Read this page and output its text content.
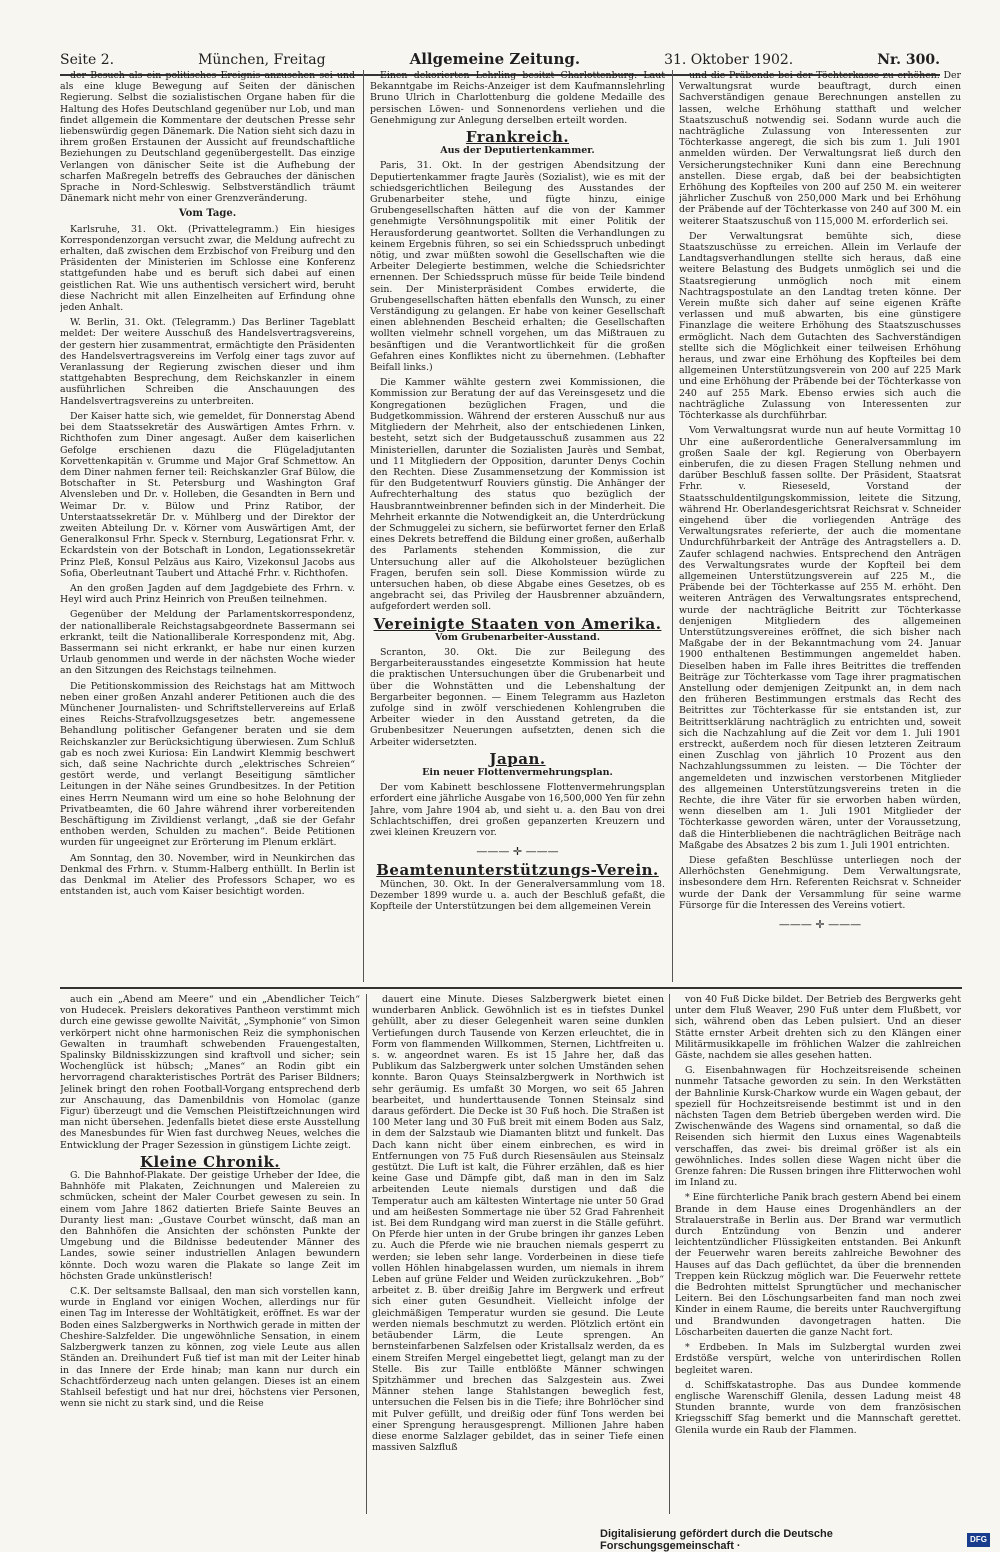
Seite 2.	München, Freitag	Allgemeine Zeitung.	31. Oktober 1902.	Nr. 300.

der Besuch als ein politisches Ereignis anzusehen sei und als eine kluge Bewegung auf Seiten der dänischen Regierung. Selbst die sozialistischen Organe haben für die Haltung des Hofes Deutschland gegenüber nur Lob, und man findet allgemein die Kommentare der deutschen Presse sehr liebenswürdig gegen Dänemark. Die Nation sieht sich dazu in ihrem großen Erstaunen der Aussicht auf freundschaftliche Beziehungen zu Deutschland gegenübergestellt. Das einzige Verlangen von dänischer Seite ist die Aufhebung der scharfen Maßregeln betreffs des Gebrauches der dänischen Sprache in Nord-Schleswig. Selbstverständlich träumt Dänemark nicht mehr von einer Grenzveränderung.

Vom Tage.

Karlsruhe, 31. Okt. (Privattelegramm.) Ein hiesiges Korrespondenzorgan versucht zwar, die Meldung aufrecht zu erhalten, daß zwischen dem Erzbischof von Freiburg und den Präsidenten der Ministerien im Schlosse eine Konferenz stattgefunden habe und es beruft sich dabei auf einen geistlichen Rat. Wie uns authentisch versichert wird, beruht diese Nachricht mit allen Einzelheiten auf Erfindung ohne jeden Anhalt.

W. Berlin, 31. Okt. (Telegramm.) Das Berliner Tageblatt meldet: Der weitere Ausschuß des Handelsvertragsvereins, der gestern hier zusammentrat, ermächtigte den Präsidenten des Handelsvertragsvereins im Verfolg einer tags zuvor auf Veranlassung der Regierung zwischen dieser und ihm stattgehabten Besprechung, dem Reichskanzler in einem ausführlichen Schreiben die Anschauungen des Handelsvertragsvereins zu unterbreiten.

Der Kaiser hatte sich, wie gemeldet, für Donnerstag Abend bei dem Staatssekretär des Auswärtigen Amtes Frhrn. v. Richthofen zum Diner angesagt. Außer dem kaiserlichen Gefolge erschienen dazu die Flügeladjutanten Korvettenkapitän v. Grumme und Major Graf Schmettow. An dem Diner nahmen ferner teil: Reichskanzler Graf Bülow, die Botschafter in St. Petersburg und Washington Graf Alvensleben und Dr. v. Holleben, die Gesandten in Bern und Weimar Dr. v. Bülow und Prinz Ratibor, der Unterstaatssekretär Dr. v. Mühlberg und der Direktor der zweiten Abteilung Dr. v. Körner vom Auswärtigen Amt, der Generalkonsul Frhr. Speck v. Sternburg, Legationsrat Frhr. v. Eckardstein von der Botschaft in London, Legationssekretär Prinz Pleß, Konsul Pelzäus aus Kairo, Vizekonsul Jacobs aus Sofia, Oberleutnant Taubert und Attaché Frhr. v. Richthofen.

An den großen Jagden auf dem Jagdgebiete des Frhrn. v. Heyl wird auch Prinz Heinrich von Preußen teilnehmen.

Gegenüber der Meldung der Parlamentskorrespondenz, der nationalliberale Reichstagsabgeordnete Bassermann sei erkrankt, teilt die Nationalliberale Korrespondenz mit, Abg. Bassermann sei nicht erkrankt, er habe nur einen kurzen Urlaub genommen und werde in der nächsten Woche wieder an den Sitzungen des Reichstags teilnehmen.

Die Petitionskommission des Reichstags hat am Mittwoch neben einer großen Anzahl anderer Petitionen auch die des Münchener Journalisten- und Schriftstellervereins auf Erlaß eines Reichs-Strafvollzugsgesetzes betr. angemessene Behandlung politischer Gefangener beraten und sie dem Reichskanzler zur Berücksichtigung überwiesen. Zum Schluß gab es noch zwei Kuriosa: Ein Landwirt Klemmig beschwert sich, daß seine Nachrichte durch „elektrisches Schreien“ gestört werde, und verlangt Beseitigung sämtlicher Leitungen in der Nähe seines Grundbesitzes. In der Petition eines Herrn Neumann wird um eine so hohe Belohnung der Privatbeamten, die 60 Jahre während ihrer vorbereitenden Beschäftigung im Zivildienst verlangt, „daß sie der Gefahr enthoben werden, Schulden zu machen“. Beide Petitionen wurden für ungeeignet zur Erörterung im Plenum erklärt.

Am Sonntag, den 30. November, wird in Neunkirchen das Denkmal des Frhrn. v. Stumm-Halberg enthüllt. In Berlin ist das Denkmal im Atelier des Professors Schaper, wo es entstanden ist, auch vom Kaiser besichtigt worden.

Einen dekorierten Lehrling besitzt Charlottenburg. Laut Bekanntgabe im Reichs-Anzeiger ist dem Kaufmannslehrling Bruno Ulrich in Charlottenburg die goldene Medaille des persischen Löwen- und Sonnenordens verliehen und die Genehmigung zur Anlegung derselben erteilt worden.

Frankreich.
Aus der Deputiertenkammer.

Paris, 31. Okt. In der gestrigen Abendsitzung der Deputiertenkammer fragte Jaurès (Sozialist), wie es mit der schiedsgerichtlichen Beilegung des Ausstandes der Grubenarbeiter stehe, und fügte hinzu, einige Grubengesellschaften hätten auf die von der Kammer genehmigte Versöhnungspolitik mit einer Politik der Herausforderung geantwortet. Sollten die Verhandlungen zu keinem Ergebnis führen, so sei ein Schiedsspruch unbedingt nötig, und zwar müßten sowohl die Gesellschaften wie die Arbeiter Delegierte bestimmen, welche die Schiedsrichter ernennen. Der Schiedsspruch müsse für beide Teile bindend sein. Der Ministerpräsident Combes erwiderte, die Grubengesellschaften hätten ebenfalls den Wunsch, zu einer Verständigung zu gelangen. Er habe von keiner Gesellschaft einen ablehnenden Bescheid erhalten; die Gesellschaften wollten vielmehr schnell vorgehen, um das Mißtrauen zu besänftigen und die Verantwortlichkeit für die großen Gefahren eines Konfliktes nicht zu übernehmen. (Lebhafter Beifall links.)

Die Kammer wählte gestern zwei Kommissionen, die Kommission zur Beratung der auf das Vereinsgesetz und die Kongregationen bezüglichen Fragen, und die Budgetkommission. Während der ersteren Ausschuß nur aus Mitgliedern der Mehrheit, also der entschiedenen Linken, besteht, setzt sich der Budgetausschuß zusammen aus 22 Ministeriellen, darunter die Sozialisten Jaurès und Sembat, und 11 Mitgliedern der Opposition, darunter Denys Cochin den Rechten. Diese Zusammensetzung der Kommission ist für den Budgetentwurf Rouviers günstig. Die Anhänger der Aufrechterhaltung des status quo bezüglich der Hausbranntweinbrenner befinden sich in der Minderheit. Die Mehrheit erkannte die Notwendigkeit an, die Unterdrückung der Schmuggelei zu sichern, sie befürwortet ferner den Erlaß eines Dekrets betreffend die Bildung einer großen, außerhalb des Parlaments stehenden Kommission, die zur Untersuchung aller auf die Alkoholsteuer bezüglichen Fragen, berufen sein soll. Diese Kommission würde zu untersuchen haben, ob diese Abgabe eines Gesetzes, ob es angebracht sei, das Privileg der Hausbrenner abzuändern, aufgefordert werden soll.

Vereinigte Staaten von Amerika.
Vom Grubenarbeiter-Ausstand.

Scranton, 30. Okt. Die zur Beilegung des Bergarbeiterausstandes eingesetzte Kommission hat heute die praktischen Untersuchungen über die Grubenarbeit und über die Wohnstätten und die Lebenshaltung der Bergarbeiter begonnen. — Einem Telegramm aus Hazleton zufolge sind in zwölf verschiedenen Kohlengruben die Arbeiter wieder in den Ausstand getreten, da die Grubenbesitzer Neuerungen aufsetzten, denen sich die Arbeiter widersetzten.

Japan.
Ein neuer Flottenvermehrungsplan.

Der vom Kabinett beschlossene Flottenvermehrungsplan erfordert eine jährliche Ausgabe von 16,500,000 Yen für zehn Jahre, vom Jahre 1904 ab, und sieht u. a. den Bau von drei Schlachtschiffen, drei großen gepanzerten Kreuzern und zwei kleinen Kreuzern vor.

——— ✛ ———
Beamtenunterstützungs-Verein.

München, 30. Okt. In der Generalversammlung vom 18. Dezember 1899 wurde u. a. auch der Beschluß gefaßt, die Kopfteile der Unterstützungen bei dem allgemeinen Verein

und die Präbende bei der Töchterkasse zu erhöhen. Der Verwaltungsrat wurde beauftragt, durch einen Sachverständigen genaue Berechnungen anstellen zu lassen, welche Erhöhung statthaft und welcher Staatszuschuß notwendig sei. Sodann wurde auch die nachträgliche Zulassung von Interessenten zur Töchterkasse angeregt, die sich bis zum 1. Juli 1901 anmelden würden. Der Verwaltungsrat ließ durch den Versicherungstechniker Kuni dann eine Berechnung anstellen. Diese ergab, daß bei der beabsichtigten Erhöhung des Kopfteiles von 200 auf 250 M. ein weiterer jährlicher Zuschuß von 250,000 Mark und bei Erhöhung der Präbende auf der Töchterkasse von 240 auf 300 M. ein weiterer Staatszuschuß von 115,000 M. erforderlich sei.

Der Verwaltungsrat bemühte sich, diese Staatszuschüsse zu erreichen. Allein im Verlaufe der Landtagsverhandlungen stellte sich heraus, daß eine weitere Belastung des Budgets unmöglich sei und die Staatsregierung unmöglich noch mit einem Nachtragspostulate an den Landtag treten könne. Der Verein mußte sich daher auf seine eigenen Kräfte verlassen und muß abwarten, bis eine günstigere Finanzlage die weitere Erhöhung des Staatszuschusses ermöglicht. Nach dem Gutachten des Sachverständigen stellte sich die Möglichkeit einer teilweisen Erhöhung heraus, und zwar eine Erhöhung des Kopfteiles bei dem allgemeinen Unterstützungsverein von 200 auf 225 Mark und eine Erhöhung der Präbende bei der Töchterkasse von 240 auf 255 Mark. Ebenso erwies sich auch die nachträgliche Zulassung von Interessenten zur Töchterkasse als durchführbar.

Vom Verwaltungsrat wurde nun auf heute Vormittag 10 Uhr eine außerordentliche Generalversammlung im großen Saale der kgl. Regierung von Oberbayern einberufen, die zu diesen Fragen Stellung nehmen und darüber Beschluß fassen sollte. Der Präsident, Staatsrat Frhr. v. Rieseseld, Vorstand der Staatsschuldentilgungskommission, leitete die Sitzung, während Hr. Oberlandesgerichtsrat Reichsrat v. Schneider eingehend über die vorliegenden Anträge des Verwaltungsrates referierte, der auch die momentane Undurchführbarkeit der Anträge des Antragstellers a. D. Zaufer schlagend nachwies. Entsprechend den Anträgen des Verwaltungsrates wurde der Kopfteil bei dem allgemeinen Unterstützungsverein auf 225 M., die Präbende bei der Töchterkasse auf 255 M. erhöht. Den weiteren Anträgen des Verwaltungsrates entsprechend, wurde der nachträgliche Beitritt zur Töchterkasse denjenigen Mitgliedern des allgemeinen Unterstützungsvereines eröffnet, die sich bisher nach Maßgabe der in der Bekanntmachung vom 24. Januar 1900 enthaltenen Bestimmungen angemeldet haben. Dieselben haben im Falle ihres Beitrittes die treffenden Beiträge zur Töchterkasse vom Tage ihrer pragmatischen Anstellung oder demjenigen Zeitpunkt an, in dem nach den früheren Bestimmungen erstmals das Recht des Beitrittes zur Töchterkasse für sie entstanden ist, zur Beitrittserklärung nachträglich zu entrichten und, soweit sich die Nachzahlung auf die Zeit vor dem 1. Juli 1901 erstreckt, außerdem noch für diesen letzteren Zeitraum einen Zuschlag von jährlich 10 Prozent aus den Nachzahlungssummen zu leisten. — Die Töchter der angemeldeten und inzwischen verstorbenen Mitglieder des allgemeinen Unterstützungsvereins treten in die Rechte, die ihre Väter für sie erworben haben würden, wenn dieselben am 1. Juli 1901 Mitglieder der Töchterkasse geworden wären, unter der Voraussetzung, daß die Hinterbliebenen die nachträglichen Beiträge nach Maßgabe des Absatzes 2 bis zum 1. Juli 1901 entrichten.

Diese gefaßten Beschlüsse unterliegen noch der Allerhöchsten Genehmigung. Dem Verwaltungsrate, insbesondere dem Hrn. Referenten Reichsrat v. Schneider wurde der Dank der Versammlung für seine warme Fürsorge für die Interessen des Vereins votiert.

——— ✛ ———

auch ein „Abend am Meere“ und ein „Abendlicher Teich“ von Hudecek. Preislers dekoratives Pantheon verstimmt mich durch eine gewisse gewollte Naivität, „Symphonie“ von Simon verkörpert nicht ohne harmonischen Reiz die symphonischen Gewalten in traumhaft schwebenden Frauengestalten, Spalinsky Bildnisskizzungen sind kraftvoll und sicher; sein Wochenglück ist hübsch; „Manes“ an Rodin gibt ein hervorragend charakteristisches Porträt des Pariser Bildners; Jelinek bringt den rohen Football-Vorgang entsprechend derb zur Anschauung, das Damenbildnis von Homolac (ganze Figur) überzeugt und die Vemschen Pleistiftzeichnungen wird man nicht übersehen. Jedenfalls bietet diese erste Ausstellung des Manesbundes für Wien fast durchweg Neues, welches die Entwicklung der Prager Sezession in günstigem Lichte zeigt.

Kleine Chronik.

G. Die Bahnhof-Plakate. Der geistige Urheber der Idee, die Bahnhöfe mit Plakaten, Zeichnungen und Malereien zu schmücken, scheint der Maler Courbet gewesen zu sein. In einem vom Jahre 1862 datierten Briefe Sainte Beuves an Duranty liest man: „Gustave Courbet wünscht, daß man an den Bahnhöfen die Ansichten der schönsten Punkte der Umgebung und die Bildnisse bedeutender Männer des Landes, sowie seiner industriellen Anlagen bewundern könnte. Doch wozu waren die Plakate so lange Zeit im höchsten Grade unkünstlerisch!

C.K. Der seltsamste Ballsaal, den man sich vorstellen kann, wurde in England vor einigen Wochen, allerdings nur für einen Tag im Interesse der Wohltätigkeit, eröffnet. Es war der Boden eines Salzbergwerks in Northwich gerade in mitten der Cheshire-Salzfelder. Die ungewöhnliche Sensation, in einem Salzbergwerk tanzen zu können, zog viele Leute aus allen Ständen an. Dreihundert Fuß tief ist man mit der Leiter hinab in das Innere der Erde hinab; man kann nur durch ein Schachtförderzeug nach unten gelangen. Dieses ist an einem Stahlseil befestigt und hat nur drei, höchstens vier Personen, wenn sie nicht zu stark sind, und die Reise

dauert eine Minute. Dieses Salzbergwerk bietet einen wunderbaren Anblick. Gewöhnlich ist es in tiefstes Dunkel gehüllt, aber zu dieser Gelegenheit waren seine dunklen Vertiefungen durch Tausende von Kerzen erleuchtet, die in Form von flammenden Willkommen, Sternen, Lichtfreiten u. s. w. angeordnet waren. Es ist 15 Jahre her, daß das Publikum das Salzbergwerk unter solchen Umständen sehen konnte. Baron Quays Steinsalzbergwerk in Northwich ist sehr geräumig. Es umfaßt 30 Morgen, wo seit 65 Jahren bearbeitet, und hunderttausende Tonnen Steinsalz sind daraus gefördert. Die Decke ist 30 Fuß hoch. Die Straßen ist 100 Meter lang und 30 Fuß breit mit einem Boden aus Salz, in dem der Salzstaub wie Diamanten blitzt und funkelt. Das Dach kann nicht über einem einbrechen, es wird in Entfernungen von 75 Fuß durch Riesensäulen aus Steinsalz gestützt. Die Luft ist kalt, die Führer erzählen, daß es hier keine Gase und Dämpfe gibt, daß man in den im Salz arbeitenden Leute niemals durstigen und daß die Temperatur auch am kältesten Wintertage nie unter 50 Grad und am heißesten Sommertage nie über 52 Grad Fahrenheit ist. Bei dem Rundgang wird man zuerst in die Ställe geführt. On Pferde hier unten in der Grube bringen ihr ganzes Leben zu. Auch die Pferde wie nie brauchen niemals gesperrt zu werden; sie leben sehr lange. Vorderbeinen in diese tiefe vollen Höhlen hinabgelassen wurden, um niemals in ihrem Leben auf grüne Felder und Weiden zurückzukehren. „Bob“ arbeitet z. B. über dreißig Jahre im Bergwerk und erfreut sich einer guten Gesundheit. Vielleicht infolge der gleichmäßigen Temperatur wurden sie gesund. Die Leute werden niemals beschmutzt zu werden. Plötzlich ertönt ein betäubender Lärm, die Leute sprengen. An bernsteinfarbenen Salzfelsen oder Kristallsalz werden, da es einem Streifen Mergel eingebettet liegt, gelangt man zu der Stelle. Bis zur Taille entblößte Männer schwingen Spitzhämmer und brechen das Salzgestein aus. Zwei Männer stehen lange Stahlstangen beweglich fest, untersuchen die Felsen bis in die Tiefe; ihre Bohrlöcher sind mit Pulver gefüllt, und dreißig oder fünf Tons werden bei einer Sprengung herausgesprengt. Millionen Jahre haben diese enorme Salzlager gebildet, das in seiner Tiefe einen massiven Salzfluß

von 40 Fuß Dicke bildet. Der Betrieb des Bergwerks geht unter dem Fluß Weaver, 290 Fuß unter dem Flußbett, vor sich, während oben das Leben pulsiert. Und an dieser Stätte ernster Arbeit drehten sich zu den Klängen einer Militärmusikkapelle im fröhlichen Walzer die zahlreichen Gäste, nachdem sie alles gesehen hatten.

G. Eisenbahnwagen für Hochzeitsreisende scheinen nunmehr Tatsache geworden zu sein. In den Werkstätten der Bahnlinie Kursk-Charkow wurde ein Wagen gebaut, der speziell für Hochzeitsreisende bestimmt ist und in den nächsten Tagen dem Betrieb übergeben werden wird. Die Zwischenwände des Wagens sind ornamental, so daß die Reisenden sich hiermit den Luxus eines Wagenabteils verschaffen, das zwei- bis dreimal größer ist als ein gewöhnliches. Indes sollen diese Wagen nicht über die Grenze fahren: Die Russen bringen ihre Flitterwochen wohl im Inland zu.

* Eine fürchterliche Panik brach gestern Abend bei einem Brande in dem Hause eines Drogenhändlers an der Stralauerstraße in Berlin aus. Der Brand war vermutlich durch Entzündung von Benzin und anderer leichtentzündlicher Flüssigkeiten entstanden. Bei Ankunft der Feuerwehr waren bereits zahlreiche Bewohner des Hauses auf das Dach geflüchtet, da über die brennenden Treppen kein Rückzug möglich war. Die Feuerwehr rettete die Bedrohten mittelst Sprungtücher und mechanischer Leitern. Bei den Löschungsarbeiten fand man noch zwei Kinder in einem Raume, die bereits unter Rauchvergiftung und Brandwunden davongetragen hatten. Die Löscharbeiten dauerten die ganze Nacht fort.

* Erdbeben. In Mals im Sulzbergtal wurden zwei Erdstöße verspürt, welche von unterirdischen Rollen begleitet waren.

d. Schiffskatastrophe. Das aus Dundee kommende englische Warenschiff Glenila, dessen Ladung meist 48 Stunden brannte, wurde von dem französischen Kriegsschiff Sfag bemerkt und die Mannschaft gerettet. Glenila wurde ein Raub der Flammen.

Digitalisierung gefördert durch die Deutsche Forschungsgemeinschaft ·
DFG
